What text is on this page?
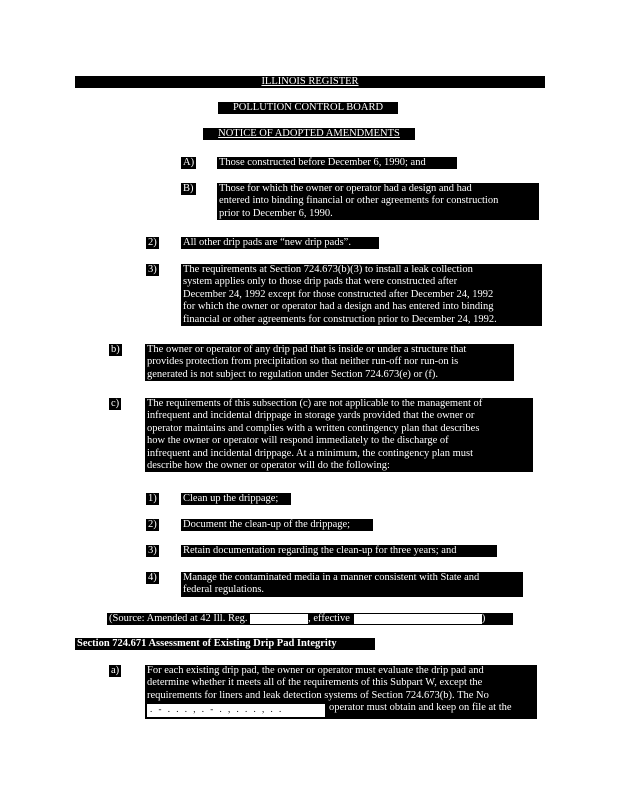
ILLINOIS REGISTER
POLLUTION CONTROL BOARD
NOTICE OF ADOPTED AMENDMENTS
A) Those constructed before December 6, 1990; and
B) Those for which the owner or operator had a design and had
entered into binding financial or other agreements for construction
prior to December 6, 1990.
2)	All other drip pads are “new drip pads”.
3)	The requirements at Section 724.673(b)(3) to install a leak collection
system applies only to those drip pads that were constructed after
December 24, 1992 except for those constructed after December 24, 1992
for which the owner or operator had a design and has entered into binding
financial or other agreements for construction prior to December 24, 1992.
b)	The owner or operator of any drip pad that is inside or under a structure that
provides protection from precipitation so that neither run-off nor run-on is
generated is not subject to regulation under Section 724.673(e) or (f).
c)	The requirements of this subsection (c) are not applicable to the management of
infrequent and incidental drippage in storage yards provided that the owner or
operator maintains and complies with a written contingency plan that describes
how the owner or operator will respond immediately to the discharge of
infrequent and incidental drippage. At a minimum, the contingency plan must
describe how the owner or operator will do the following:
1)	Clean up the drippage;
2)	Document the clean-up of the drippage;
3)	Retain documentation regarding the clean-up for three years; and
4)	Manage the contaminated media in a manner consistent with State and
federal regulations.
(Source: Amended at 42 Ill. Reg.	, effective	)
Section 724.671 Assessment of Existing Drip Pad Integrity
a)	For each existing drip pad, the owner or operator must evaluate the drip pad and
determine whether it meets all of the requirements of this Subpart W, except the
requirements for liners and leak detection systems of Section 724.673(b). The No
operator must obtain and keep on file at the
. - . . . , . - . , . . . , . .
